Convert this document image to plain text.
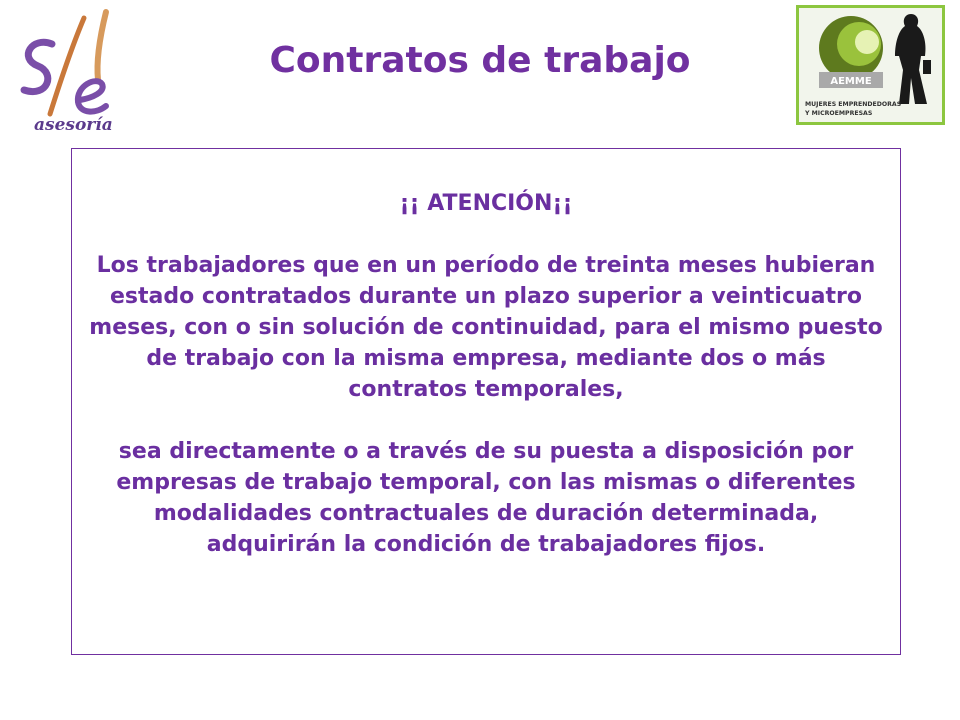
asesoría
Contratos de trabajo
AEMME
MUJERES EMPRENDEDORAS
Y MICROEMPRESAS

¡¡ ATENCIÓN¡¡

Los trabajadores que en un período de treinta meses hubieran estado contratados durante un plazo superior a veinticuatro meses, con o sin solución de continuidad, para el mismo puesto de trabajo con la misma empresa, mediante dos o más contratos temporales,

sea directamente o a través de su puesta a disposición por empresas de trabajo temporal, con las mismas o diferentes modalidades contractuales de duración determinada, adquirirán la condición de trabajadores fijos.
